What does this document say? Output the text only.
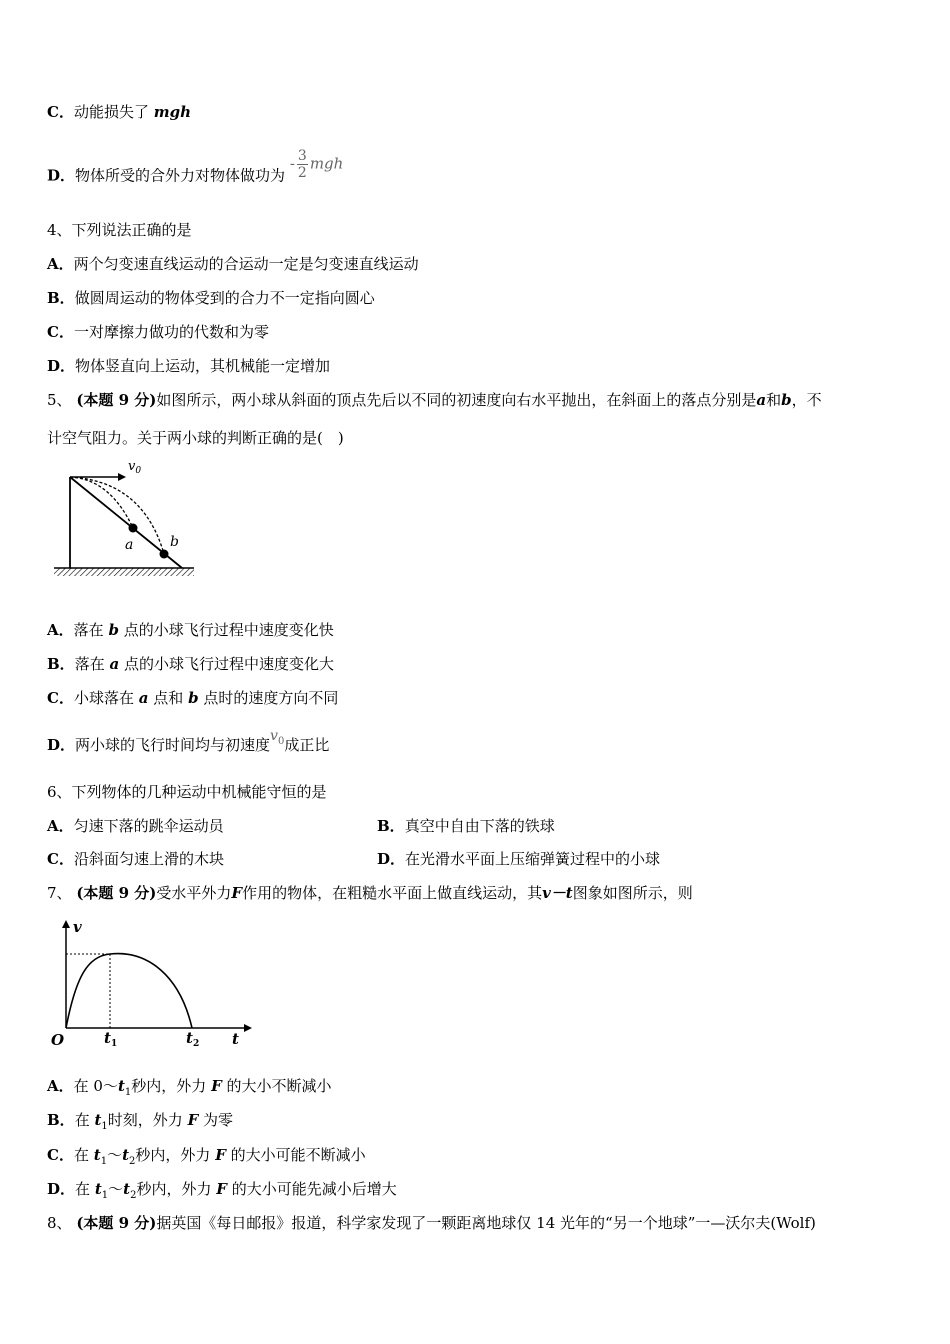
C．动能损失了 mgh
D．物体所受的合外力对物体做功为 - $\frac{3}{2}$ mgh
4、下列说法正确的是
A．两个匀变速直线运动的合运动一定是匀变速直线运动
B．做圆周运动的物体受到的合力不一定指向圆心
C．一对摩擦力做功的代数和为零
D．物体竖直向上运动，其机械能一定增加
5、 (本题 9 分)如图所示，两小球从斜面的顶点先后以不同的初速度向右水平抛出，在斜面上的落点分别是a和b，不
计空气阻力。关于两小球的判断正确的是(　)
$v_0$
a	b
A．落在 b 点的小球飞行过程中速度变化快
B．落在 a 点的小球飞行过程中速度变化大
C．小球落在 a 点和 b 点时的速度方向不同
D．两小球的飞行时间均与初速度$v_0$成正比
6、下列物体的几种运动中机械能守恒的是
A．匀速下落的跳伞运动员	B．真空中自由下落的铁球
C．沿斜面匀速上滑的木块	D．在光滑水平面上压缩弹簧过程中的小球
7、 (本题 9 分)受水平外力F作用的物体，在粗糙水平面上做直线运动，其v－t图象如图所示，则
v
t
O	$t_1$	$t_2$
A．在 $0\sim t_1$秒内，外力 F 的大小不断减小
B．在 $t_1$时刻，外力 F 为零
C．在 $t_1\sim t_2$秒内，外力 F 的大小可能不断减小
D．在 $t_1\sim t_2$秒内，外力 F 的大小可能先减小后增大
8、 (本题 9 分)据英国《每日邮报》报道，科学家发现了一颗距离地球仅 14 光年的“另一个地球”一—沃尔夫(Wolf)
